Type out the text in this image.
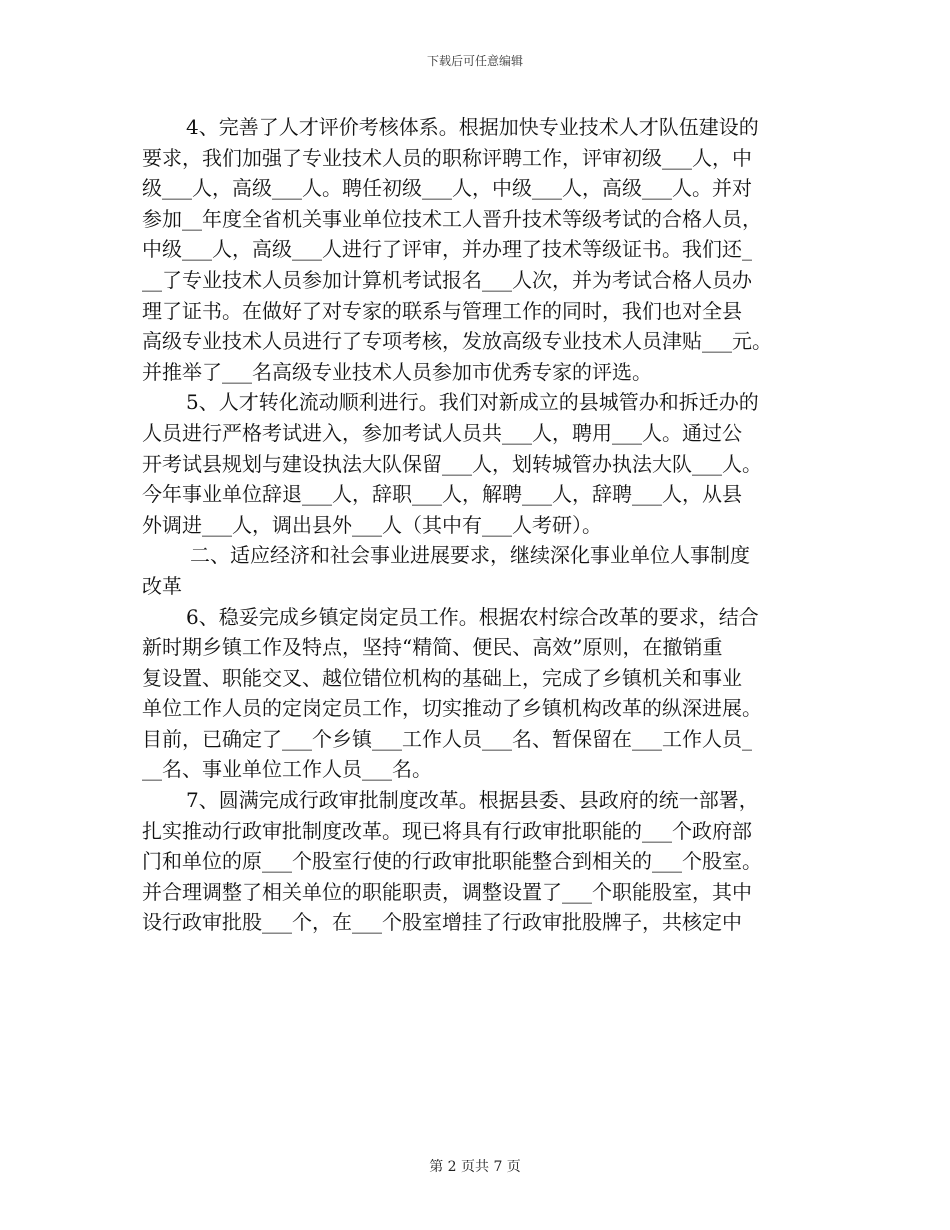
下载后可任意编辑
4、完善了人才评价考核体系。根据加快专业技术人才队伍建设的
要求，我们加强了专业技术人员的职称评聘工作，评审初级___人，中
级___人，高级___人。聘任初级___人，中级___人，高级___人。并对
参加__年度全省机关事业单位技术工人晋升技术等级考试的合格人员，
中级___人，高级___人进行了评审，并办理了技术等级证书。我们还_
__了专业技术人员参加计算机考试报名___人次，并为考试合格人员办
理了证书。在做好了对专家的联系与管理工作的同时，我们也对全县
高级专业技术人员进行了专项考核，发放高级专业技术人员津贴___元。
并推举了___名高级专业技术人员参加市优秀专家的评选。
5、人才转化流动顺利进行。我们对新成立的县城管办和拆迁办的
人员进行严格考试进入，参加考试人员共___人，聘用___人。通过公
开考试县规划与建设执法大队保留___人，划转城管办执法大队___人。
今年事业单位辞退___人，辞职___人，解聘___人，辞聘___人，从县
外调进___人，调出县外___人（其中有___人考研）。
二、适应经济和社会事业进展要求，继续深化事业单位人事制度
改革
6、稳妥完成乡镇定岗定员工作。根据农村综合改革的要求，结合
新时期乡镇工作及特点，坚持“精简、便民、高效”原则，在撤销重
复设置、职能交叉、越位错位机构的基础上，完成了乡镇机关和事业
单位工作人员的定岗定员工作，切实推动了乡镇机构改革的纵深进展。
目前，已确定了___个乡镇___工作人员___名、暂保留在___工作人员_
__名、事业单位工作人员___名。
7、圆满完成行政审批制度改革。根据县委、县政府的统一部署，
扎实推动行政审批制度改革。现已将具有行政审批职能的___个政府部
门和单位的原___个股室行使的行政审批职能整合到相关的___个股室。
并合理调整了相关单位的职能职责，调整设置了___个职能股室，其中
设行政审批股___个，在___个股室增挂了行政审批股牌子，共核定中
第 2 页共 7 页
